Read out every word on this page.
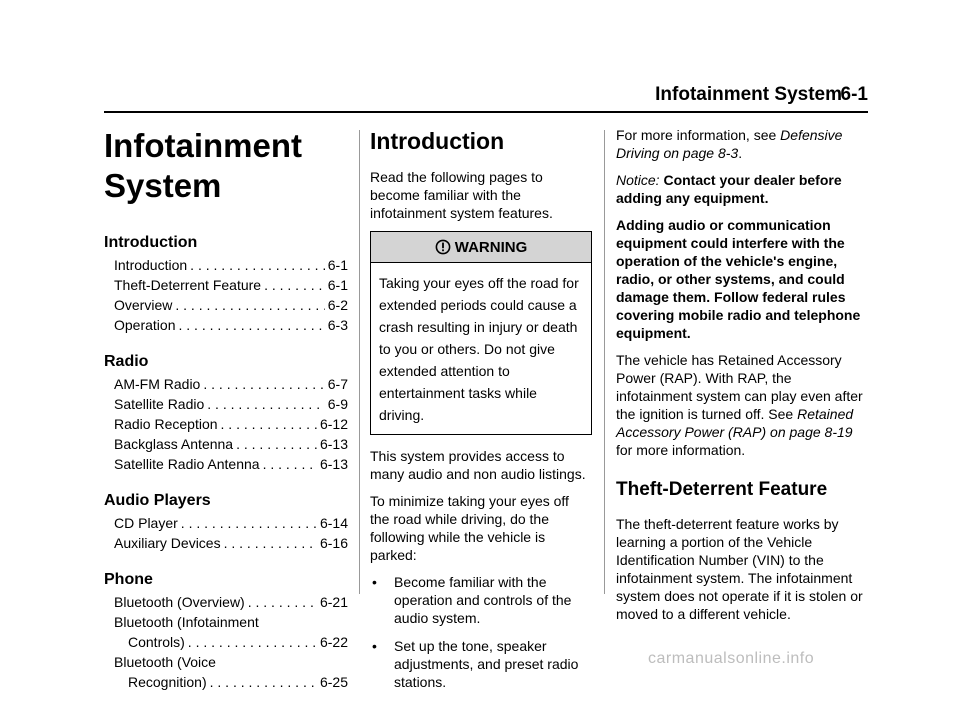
Infotainment System
6-1
Infotainment
System
Introduction
Introduction . . .	6-1
Theft-Deterrent Feature . . .	6-1
Overview . . .	6-2
Operation . . .	6-3
Radio
AM-FM Radio . . .	6-7
Satellite Radio . . .	6-9
Radio Reception . . .	6-12
Backglass Antenna . . .	6-13
Satellite Radio Antenna . . .	6-13
Audio Players
CD Player . . .	6-14
Auxiliary Devices . . .	6-16
Phone
Bluetooth (Overview) . . .	6-21
Bluetooth (Infotainment
Controls) . . .	6-22
Bluetooth (Voice
Recognition) . . .	6-25
Introduction

Read the following pages to become familiar with the infotainment system features.

WARNING
Taking your eyes off the road for extended periods could cause a crash resulting in injury or death to you or others. Do not give extended attention to entertainment tasks while driving.

This system provides access to many audio and non audio listings.

To minimize taking your eyes off the road while driving, do the following while the vehicle is parked:

•	Become familiar with the operation and controls of the audio system.
•	Set up the tone, speaker adjustments, and preset radio stations.

For more information, see Defensive Driving on page 8-3.

Notice: Contact your dealer before adding any equipment.

Adding audio or communication equipment could interfere with the operation of the vehicle's engine, radio, or other systems, and could damage them. Follow federal rules covering mobile radio and telephone equipment.

The vehicle has Retained Accessory Power (RAP). With RAP, the infotainment system can play even after the ignition is turned off. See Retained Accessory Power (RAP) on page 8-19 for more information.

Theft-Deterrent Feature

The theft-deterrent feature works by learning a portion of the Vehicle Identification Number (VIN) to the infotainment system. The infotainment system does not operate if it is stolen or moved to a different vehicle.

carmanualsonline.info
